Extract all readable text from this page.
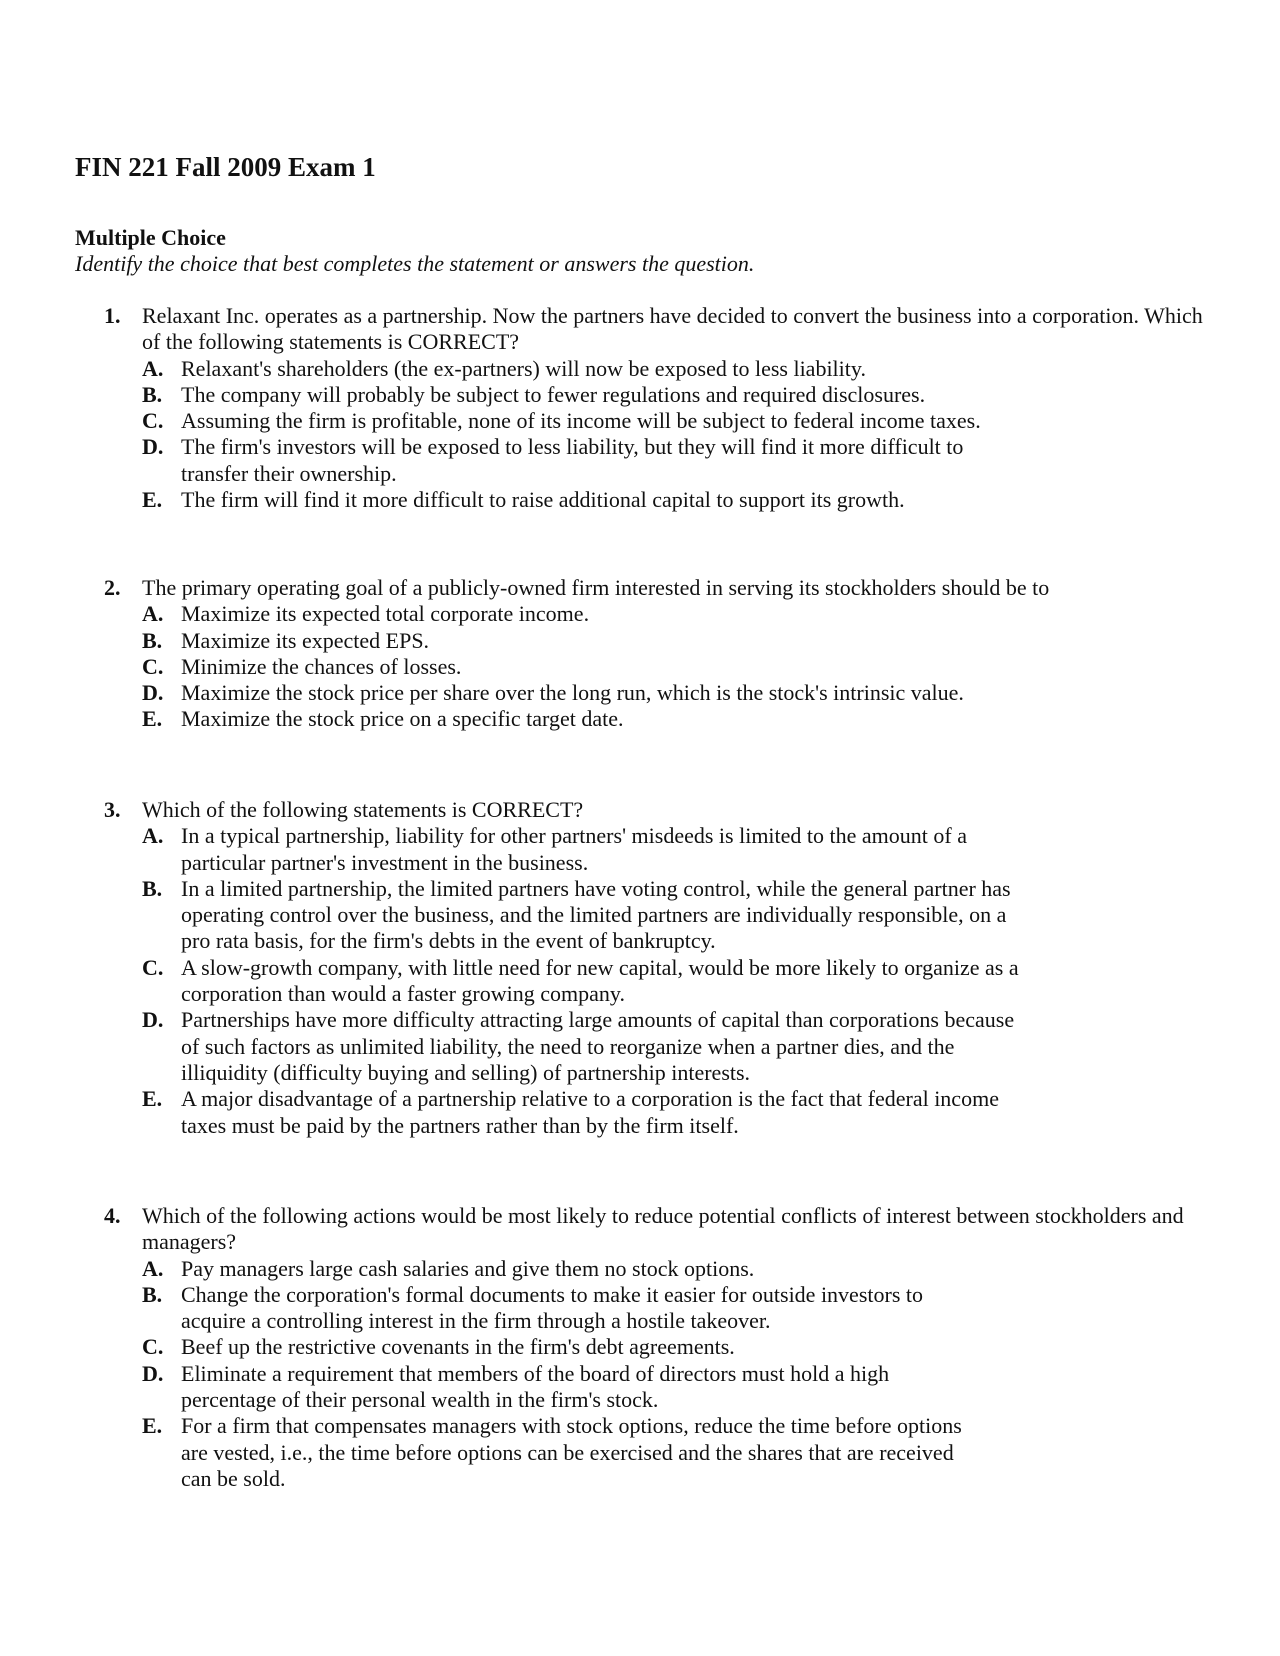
FIN 221 Fall 2009 Exam 1
Multiple Choice

Identify the choice that best completes the statement or answers the question.

1. Relaxant Inc. operates as a partnership. Now the partners have decided to convert the business into a corporation. Which of the following statements is CORRECT?
A. Relaxant's shareholders (the ex-partners) will now be exposed to less liability.
B. The company will probably be subject to fewer regulations and required disclosures.
C. Assuming the firm is profitable, none of its income will be subject to federal income taxes.
D. The firm's investors will be exposed to less liability, but they will find it more difficult to transfer their ownership.
E. The firm will find it more difficult to raise additional capital to support its growth.
2. The primary operating goal of a publicly-owned firm interested in serving its stockholders should be to
A. Maximize its expected total corporate income.
B. Maximize its expected EPS.
C. Minimize the chances of losses.
D. Maximize the stock price per share over the long run, which is the stock's intrinsic value.
E. Maximize the stock price on a specific target date.
3. Which of the following statements is CORRECT?
A. In a typical partnership, liability for other partners' misdeeds is limited to the amount of a particular partner's investment in the business.
B. In a limited partnership, the limited partners have voting control, while the general partner has operating control over the business, and the limited partners are individually responsible, on a pro rata basis, for the firm's debts in the event of bankruptcy.
C. A slow-growth company, with little need for new capital, would be more likely to organize as a corporation than would a faster growing company.
D. Partnerships have more difficulty attracting large amounts of capital than corporations because of such factors as unlimited liability, the need to reorganize when a partner dies, and the illiquidity (difficulty buying and selling) of partnership interests.
E. A major disadvantage of a partnership relative to a corporation is the fact that federal income taxes must be paid by the partners rather than by the firm itself.
4. Which of the following actions would be most likely to reduce potential conflicts of interest between stockholders and managers?
A. Pay managers large cash salaries and give them no stock options.
B. Change the corporation's formal documents to make it easier for outside investors to acquire a controlling interest in the firm through a hostile takeover.
C. Beef up the restrictive covenants in the firm's debt agreements.
D. Eliminate a requirement that members of the board of directors must hold a high percentage of their personal wealth in the firm's stock.
E. For a firm that compensates managers with stock options, reduce the time before options are vested, i.e., the time before options can be exercised and the shares that are received can be sold.
